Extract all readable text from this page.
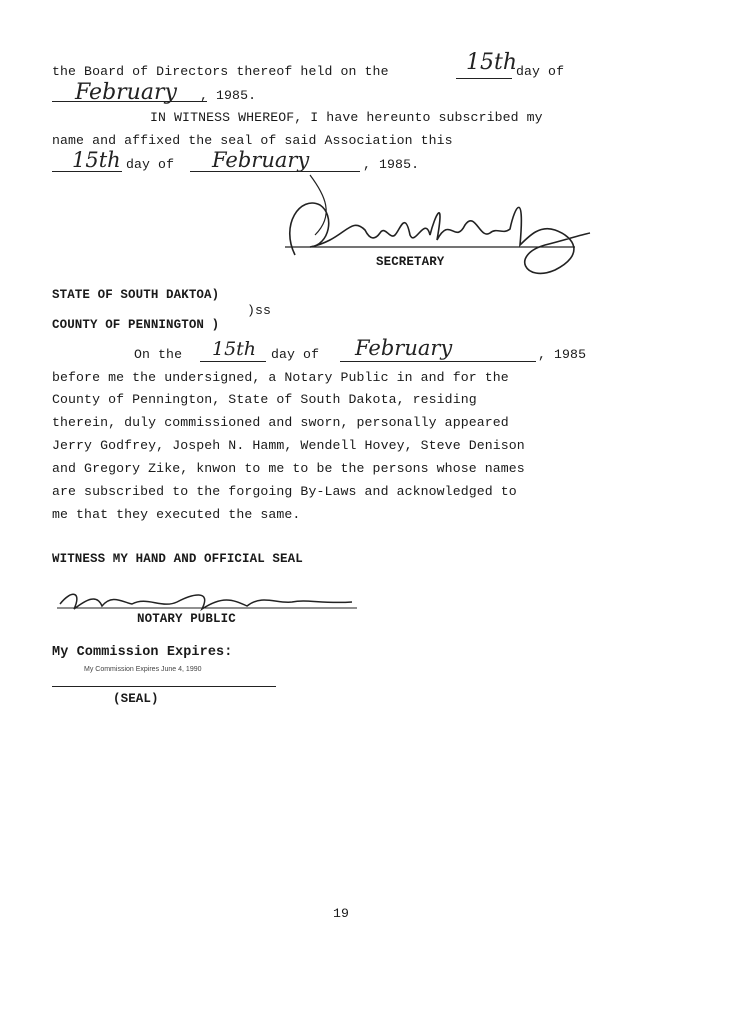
the Board of Directors thereof held on the	15th
day of
February , 1985.
IN WITNESS WHEREOF, I have hereunto subscribed my
name and affixed the seal of said Association this
15th day of February	, 1985.
SECRETARY
STATE OF SOUTH DAKTOA)
)ss
COUNTY OF PENNINGTON )
On the 15th day of February	, 1985
before me the undersigned, a Notary Public in and for the
County of Pennington, State of South Dakota, residing
therein, duly commissioned and sworn, personally appeared
Jerry Godfrey, Jospeh N. Hamm, Wendell Hovey, Steve Denison
and Gregory Zike, knwon to me to be the persons whose names
are subscribed to the forgoing By-Laws and acknowledged to
me that they executed the same.
WITNESS MY HAND AND OFFICIAL SEAL
NOTARY PUBLIC
My Commission Expires:
My Commission Expires June 4, 1990
(SEAL)
19
